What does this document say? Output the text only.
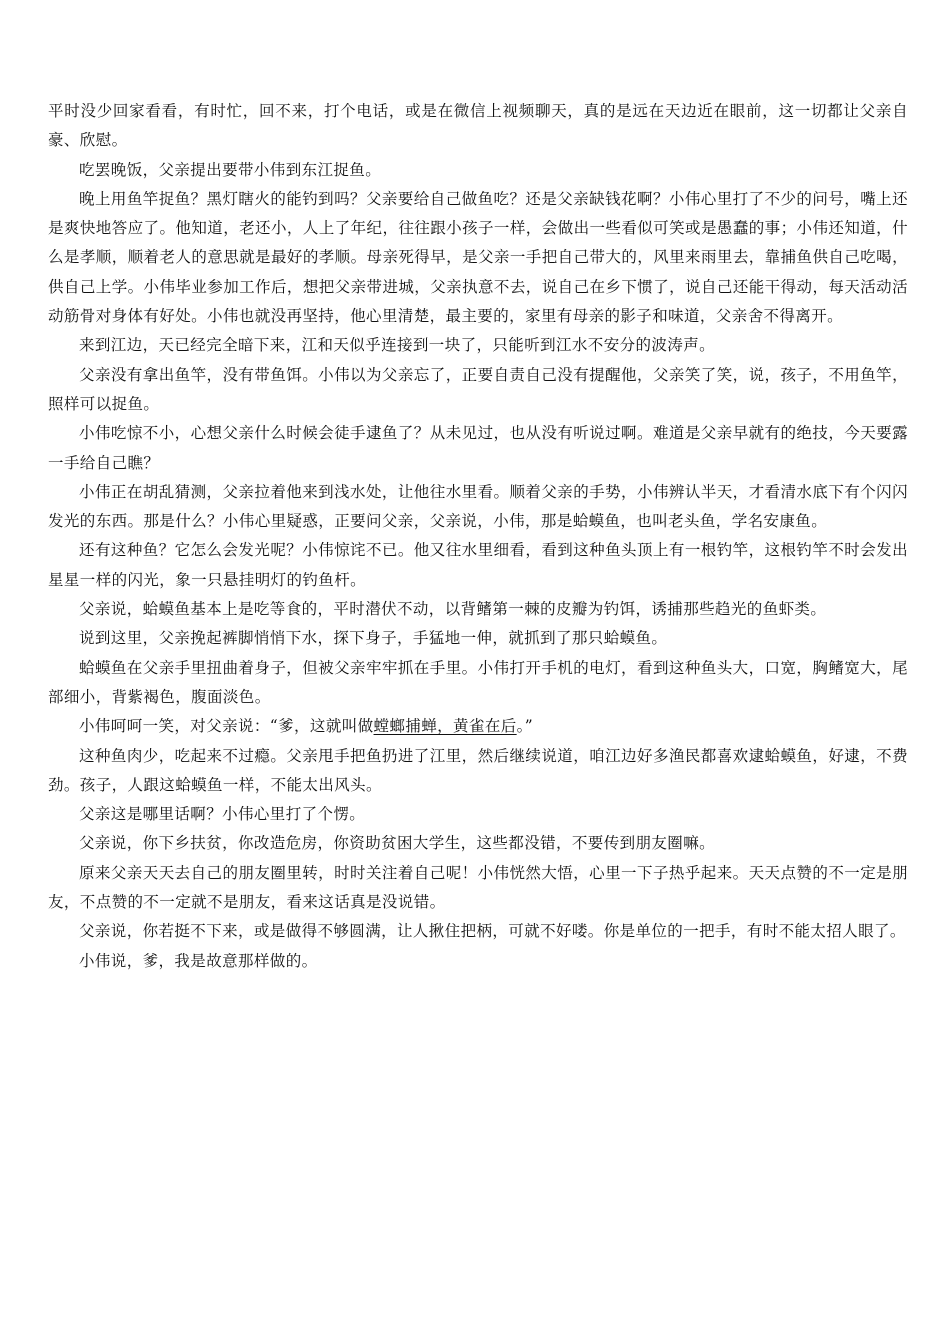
平时没少回家看看，有时忙，回不来，打个电话，或是在微信上视频聊天，真的是远在天边近在眼前，这一切都让父亲自豪、欣慰。

吃罢晚饭，父亲提出要带小伟到东江捉鱼。

晚上用鱼竿捉鱼？黑灯瞎火的能钓到吗？父亲要给自己做鱼吃？还是父亲缺钱花啊？小伟心里打了不少的问号，嘴上还是爽快地答应了。他知道，老还小，人上了年纪，往往跟小孩子一样，会做出一些看似可笑或是愚蠢的事；小伟还知道，什么是孝顺，顺着老人的意思就是最好的孝顺。母亲死得早，是父亲一手把自己带大的，风里来雨里去，靠捕鱼供自己吃喝，供自己上学。小伟毕业参加工作后，想把父亲带进城，父亲执意不去，说自己在乡下惯了，说自己还能干得动，每天活动活动筋骨对身体有好处。小伟也就没再坚持，他心里清楚，最主要的，家里有母亲的影子和味道，父亲舍不得离开。

来到江边，天已经完全暗下来，江和天似乎连接到一块了，只能听到江水不安分的波涛声。

父亲没有拿出鱼竿，没有带鱼饵。小伟以为父亲忘了，正要自责自己没有提醒他，父亲笑了笑，说，孩子，不用鱼竿，照样可以捉鱼。

小伟吃惊不小，心想父亲什么时候会徒手逮鱼了？从未见过，也从没有听说过啊。难道是父亲早就有的绝技，今天要露一手给自己瞧？

小伟正在胡乱猜测，父亲拉着他来到浅水处，让他往水里看。顺着父亲的手势，小伟辨认半天，才看清水底下有个闪闪发光的东西。那是什么？小伟心里疑惑，正要问父亲，父亲说，小伟，那是蛤蟆鱼，也叫老头鱼，学名安康鱼。

还有这种鱼？它怎么会发光呢？小伟惊诧不已。他又往水里细看，看到这种鱼头顶上有一根钓竿，这根钓竿不时会发出星星一样的闪光，象一只悬挂明灯的钓鱼杆。

父亲说，蛤蟆鱼基本上是吃等食的，平时潜伏不动，以背鳍第一棘的皮瓣为钓饵，诱捕那些趋光的鱼虾类。

说到这里，父亲挽起裤脚悄悄下水，探下身子，手猛地一伸，就抓到了那只蛤蟆鱼。

蛤蟆鱼在父亲手里扭曲着身子，但被父亲牢牢抓在手里。小伟打开手机的电灯，看到这种鱼头大，口宽，胸鳍宽大，尾部细小，背紫褐色，腹面淡色。

小伟呵呵一笑，对父亲说：“爹，这就叫做螳螂捕蝉，黄雀在后。”

这种鱼肉少，吃起来不过瘾。父亲甩手把鱼扔进了江里，然后继续说道，咱江边好多渔民都喜欢逮蛤蟆鱼，好逮，不费劲。孩子，人跟这蛤蟆鱼一样，不能太出风头。

父亲这是哪里话啊？小伟心里打了个愣。

父亲说，你下乡扶贫，你改造危房，你资助贫困大学生，这些都没错，不要传到朋友圈嘛。

原来父亲天天去自己的朋友圈里转，时时关注着自己呢！小伟恍然大悟，心里一下子热乎起来。天天点赞的不一定是朋友，不点赞的不一定就不是朋友，看来这话真是没说错。

父亲说，你若挺不下来，或是做得不够圆满，让人揪住把柄，可就不好喽。你是单位的一把手，有时不能太招人眼了。

小伟说，爹，我是故意那样做的。
